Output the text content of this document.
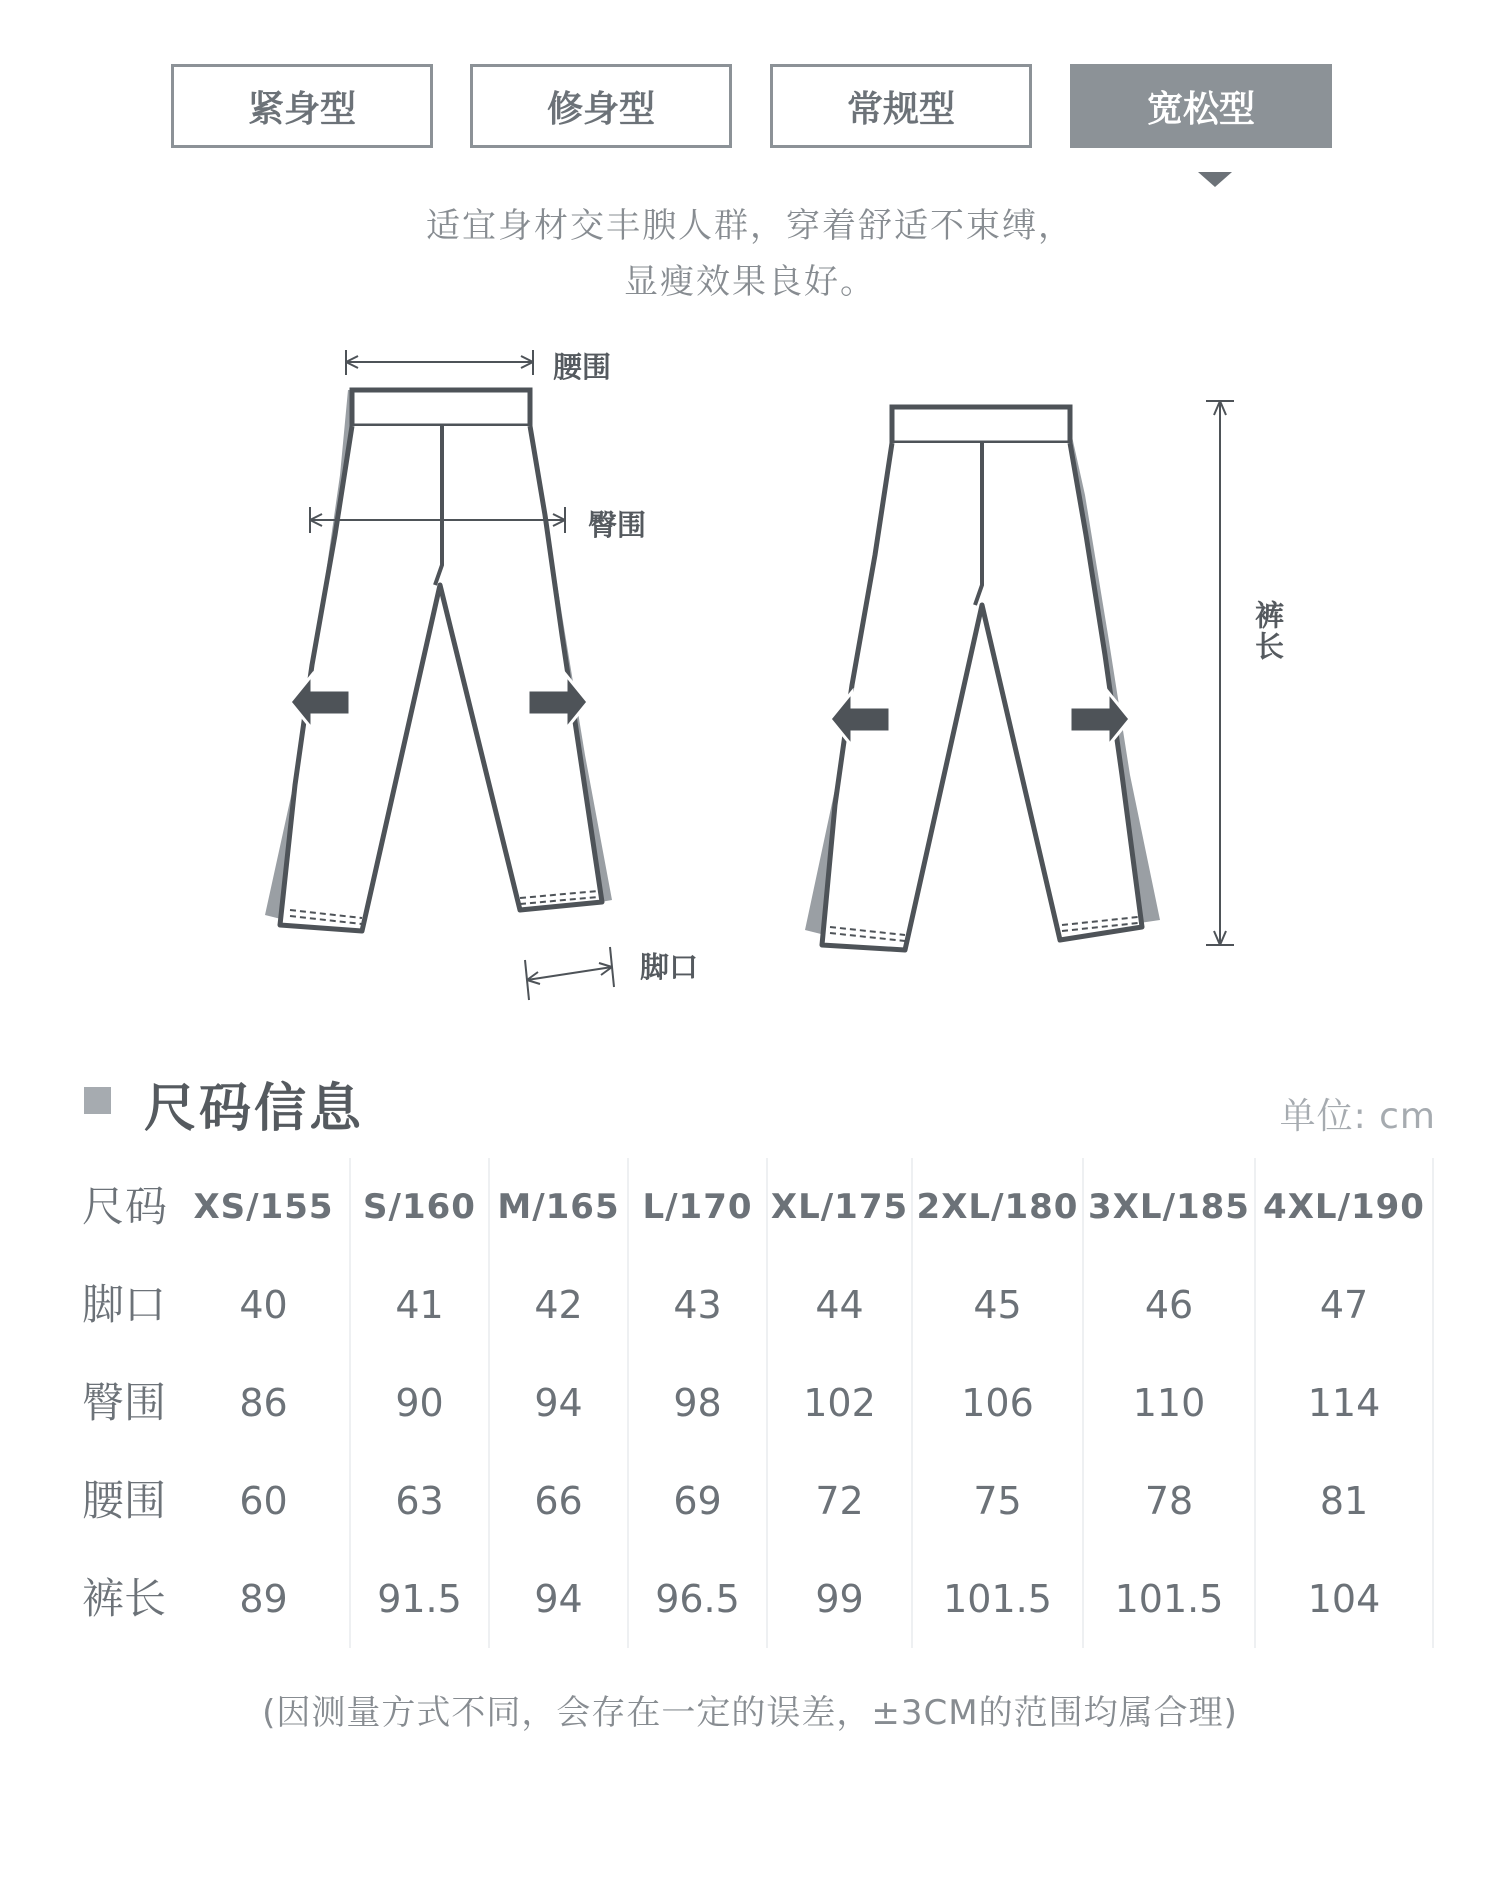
紧身型	修身型	常规型	宽松型
适宜身材交丰腴人群，穿着舒适不束缚，
显瘦效果良好。
腰围
臀围
脚口
裤长
尺码信息	单位: cm
尺码 XS/155 S/160 M/165 L/170 XL/175 2XL/180 3XL/185 4XL/190
脚口	40	41	42	43	44	45	46	47
臀围	86	90	94	98	102	106	110	114
腰围	60	63	66	69	72	75	78	81
裤长	89	91.5	94	96.5	99	101.5	101.5	104
(因测量方式不同，会存在一定的误差，±3CM的范围均属合理)
